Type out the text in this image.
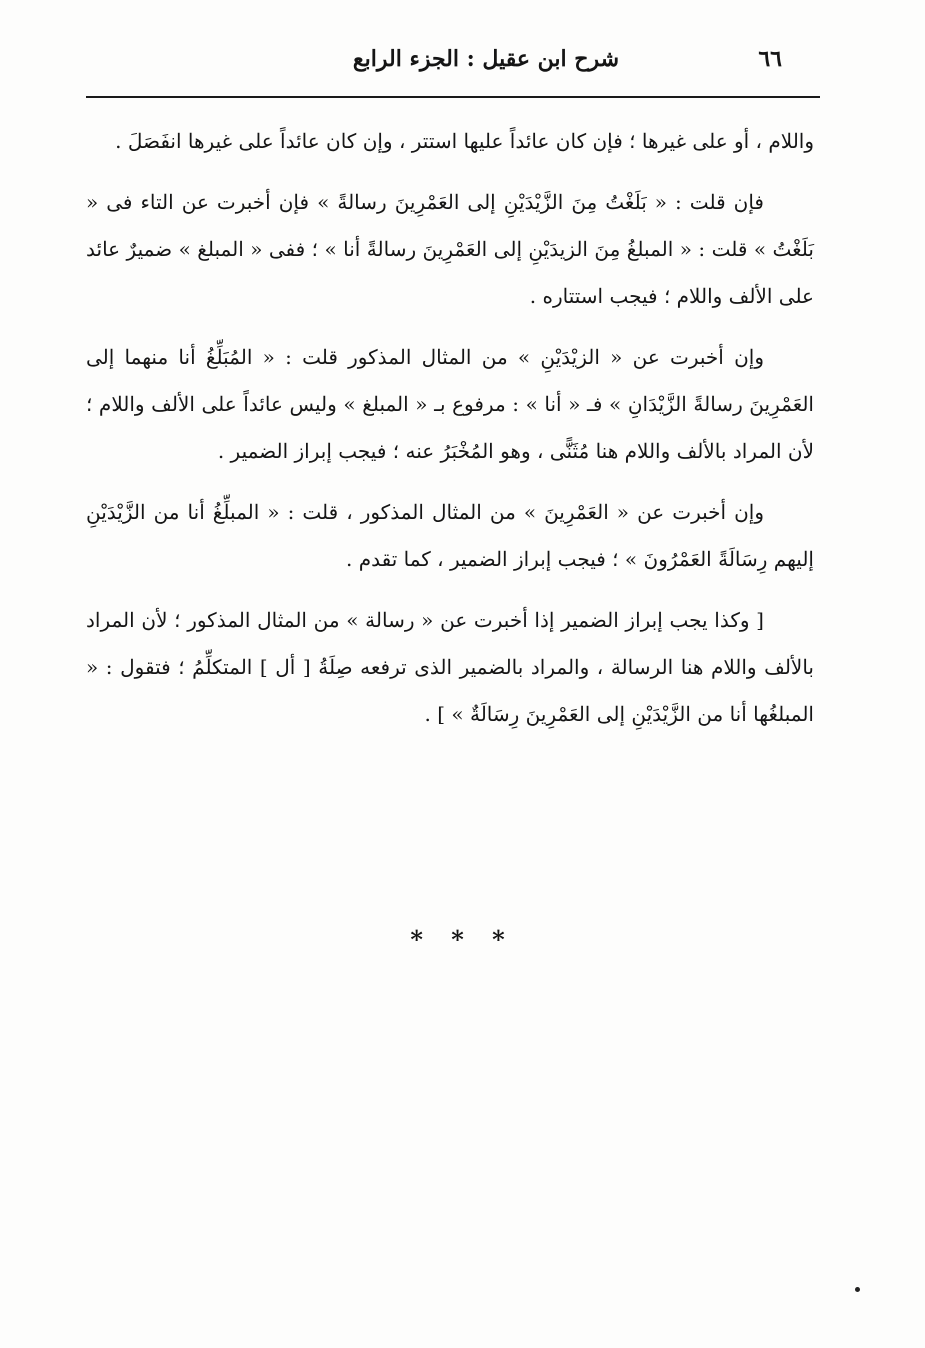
شرح ابن عقيل : الجزء الرابع	٦٦

واللام ، أو على غيرها ؛ فإن كان عائداً عليها استتر ، وإن كان عائداً على غيرها انفَصَلَ .

فإن قلت : « بَلَغْتُ مِنَ الزَّيْدَيْنِ إلى العَمْرِينَ رسالةً » فإن أخبرت عن التاء فى « بَلَغْتُ » قلت : « المبلغُ مِنَ الزيدَيْنِ إلى العَمْرِينَ رسالةً أنا » ؛ ففى « المبلغ » ضميرٌ عائد على الألف واللام ؛ فيجب استتاره .

وإن أخبرت عن « الزيْدَيْنِ » من المثال المذكور قلت : « المُبَلِّغُ أنا منهما إلى العَمْرِينَ رسالةً الزَّيْدَانِ » فـ « أنا » : مرفوع بـ « المبلغ » وليس عائداً على الألف واللام ؛ لأن المراد بالألف واللام هنا مُثَنًّى ، وهو المُخْبَرُ عنه ؛ فيجب إبراز الضمير .

وإن أخبرت عن « العَمْرِينَ » من المثال المذكور ، قلت : « المبلِّغُ أنا من الزَّيْدَيْنِ إليهم رِسَالَةً العَمْرُونَ » ؛ فيجب إبراز الضمير ، كما تقدم .

[ وكذا يجب إبراز الضمير إذا أخبرت عن « رسالة » من المثال المذكور ؛ لأن المراد بالألف واللام هنا الرسالة ، والمراد بالضمير الذى ترفعه صِلَةُ [ أل ] المتكلِّمُ ؛ فتقول : « المبلغُها أنا من الزَّيْدَيْنِ إلى العَمْرِينَ رِسَالَةٌ » ] .

* * *
